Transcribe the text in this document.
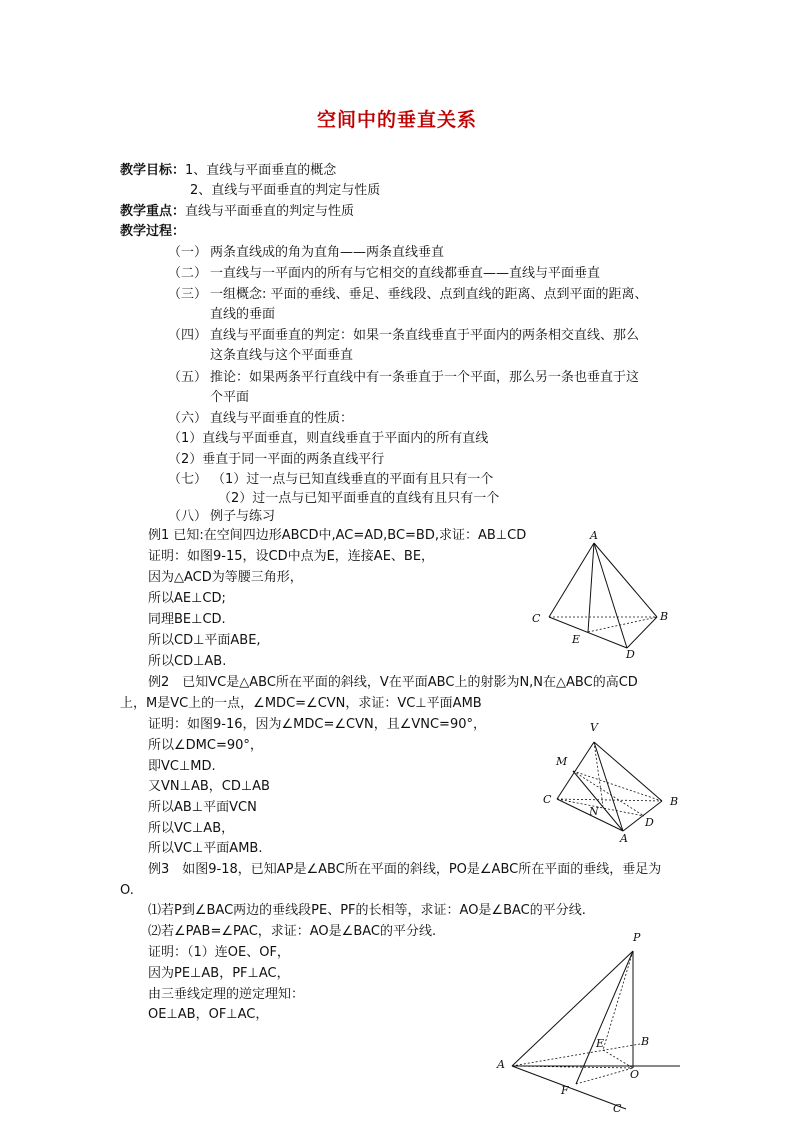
空间中的垂直关系
教学目标：1、直线与平面垂直的概念
2、直线与平面垂直的判定与性质
教学重点：直线与平面垂直的判定与性质
教学过程：
（一） 两条直线成的角为直角——两条直线垂直
（二） 一直线与一平面内的所有与它相交的直线都垂直——直线与平面垂直
（三） 一组概念: 平面的垂线、垂足、垂线段、点到直线的距离、点到平面的距离、
直线的垂面
（四） 直线与平面垂直的判定：如果一条直线垂直于平面内的两条相交直线、那么
这条直线与这个平面垂直
（五） 推论：如果两条平行直线中有一条垂直于一个平面，那么另一条也垂直于这
个平面
（六） 直线与平面垂直的性质：
（1）直线与平面垂直，则直线垂直于平面内的所有直线
（2）垂直于同一平面的两条直线平行
（七） （1）过一点与已知直线垂直的平面有且只有一个
（2）过一点与已知平面垂直的直线有且只有一个
（八） 例子与练习
例1 已知:在空间四边形ABCD中,AC=AD,BC=BD,求证：AB⊥CD
证明：如图9-15，设CD中点为E，连接AE、BE，
因为△ACD为等腰三角形，
所以AE⊥CD;
同理BE⊥CD.
所以CD⊥平面ABE,
所以CD⊥AB.
例2　已知VC是△ABC所在平面的斜线，V在平面ABC上的射影为N,N在△ABC的高CD
上，M是VC上的一点，∠MDC=∠CVN，求证：VC⊥平面AMB
证明：如图9-16，因为∠MDC=∠CVN，且∠VNC=90°，
所以∠DMC=90°，
即VC⊥MD.
又VN⊥AB，CD⊥AB
所以AB⊥平面VCN
所以VC⊥AB，
所以VC⊥平面AMB.
例3　如图9-18，已知AP是∠ABC所在平面的斜线，PO是∠ABC所在平面的垂线，垂足为
O.
⑴若P到∠BAC两边的垂线段PE、PF的长相等，求证：AO是∠BAC的平分线.
⑵若∠PAB=∠PAC，求证：AO是∠BAC的平分线.
证明：（1）连OE、OF，
因为PE⊥AB，PF⊥AC，
由三垂线定理的逆定理知：
OE⊥AB，OF⊥AC，
A
C	B
E
D
V
M
C	B
N
D
A
P
B
E
A
O
F
C
